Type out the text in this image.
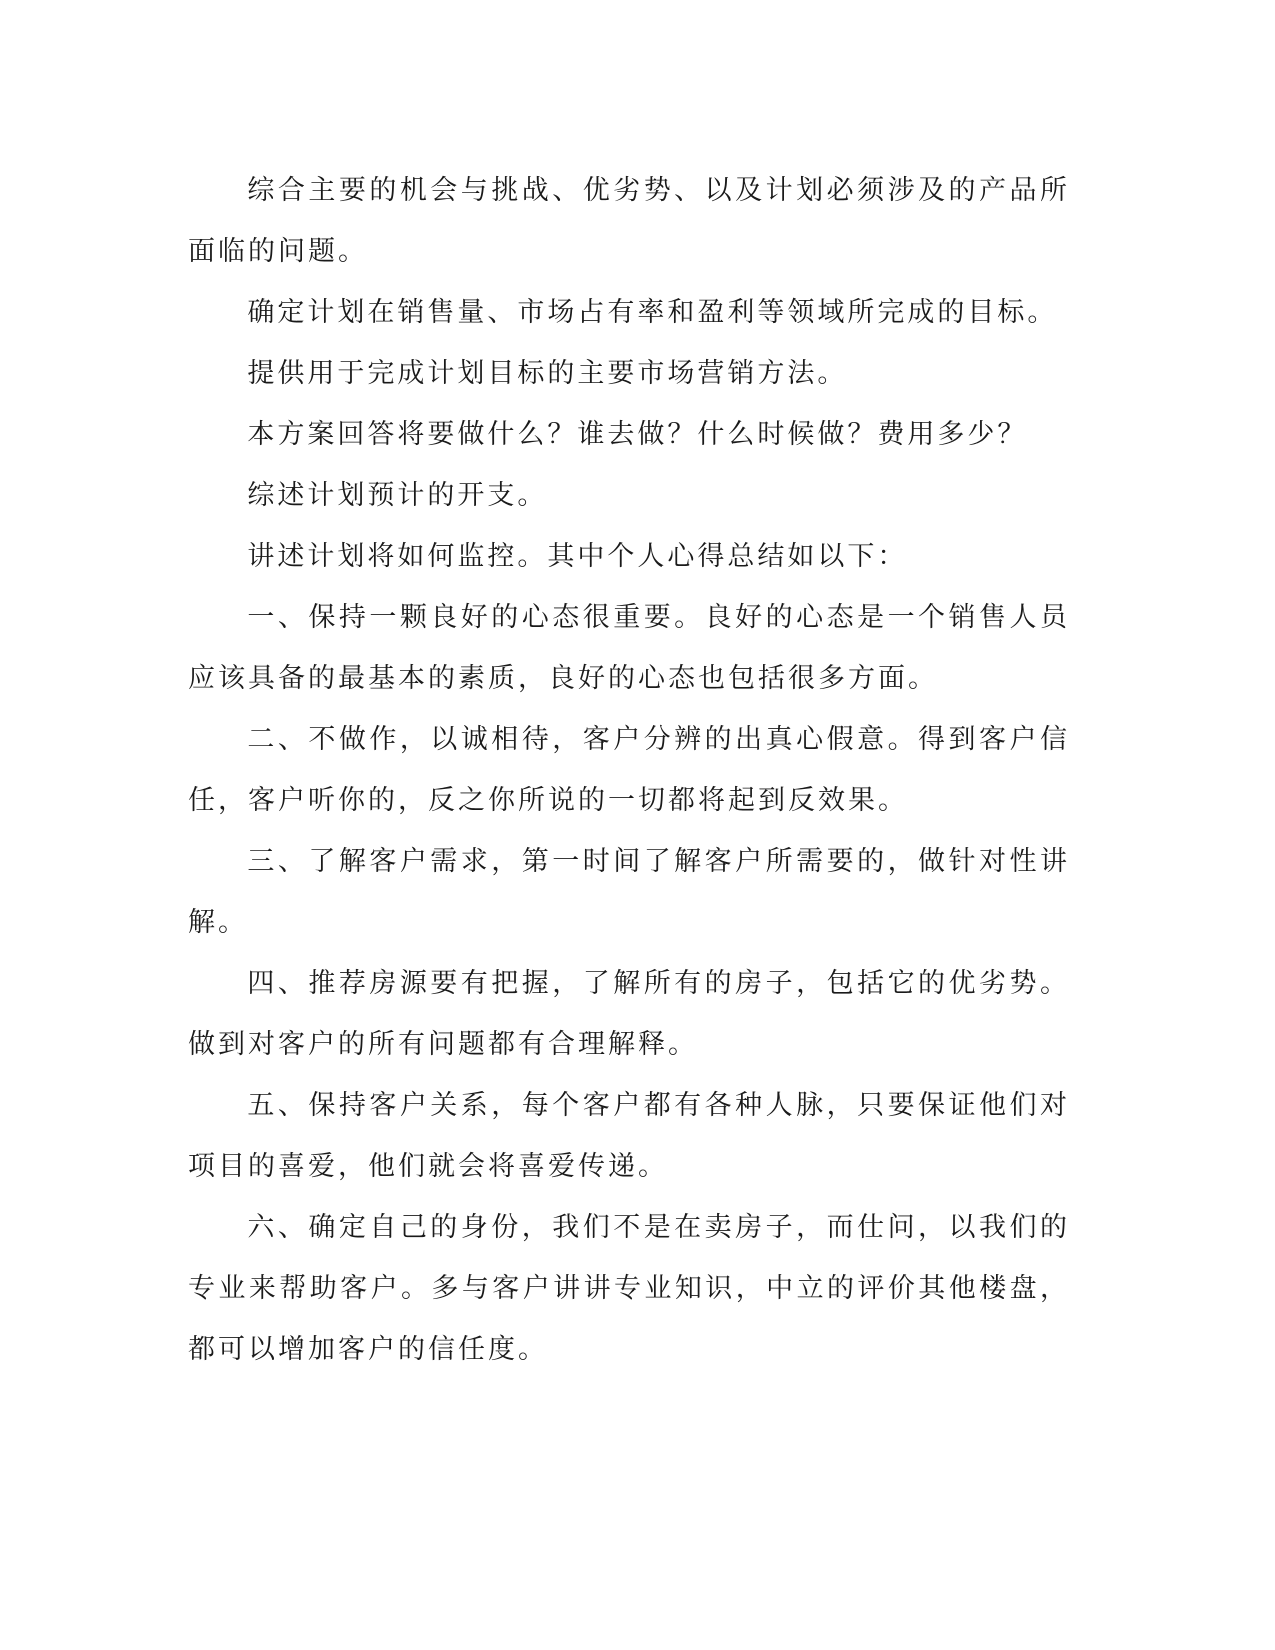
综合主要的机会与挑战、优劣势、以及计划必须涉及的产品所面临的问题。

确定计划在销售量、市场占有率和盈利等领域所完成的目标。

提供用于完成计划目标的主要市场营销方法。

本方案回答将要做什么？谁去做？什么时候做？费用多少？

综述计划预计的开支。

讲述计划将如何监控。其中个人心得总结如以下：

一、保持一颗良好的心态很重要。良好的心态是一个销售人员应该具备的最基本的素质，良好的心态也包括很多方面。

二、不做作，以诚相待，客户分辨的出真心假意。得到客户信任，客户听你的，反之你所说的一切都将起到反效果。

三、了解客户需求，第一时间了解客户所需要的，做针对性讲解。

四、推荐房源要有把握，了解所有的房子，包括它的优劣势。做到对客户的所有问题都有合理解释。

五、保持客户关系，每个客户都有各种人脉，只要保证他们对项目的喜爱，他们就会将喜爱传递。

六、确定自己的身份，我们不是在卖房子，而仕问，以我们的专业来帮助客户。多与客户讲讲专业知识，中立的评价其他楼盘，都可以增加客户的信任度。
